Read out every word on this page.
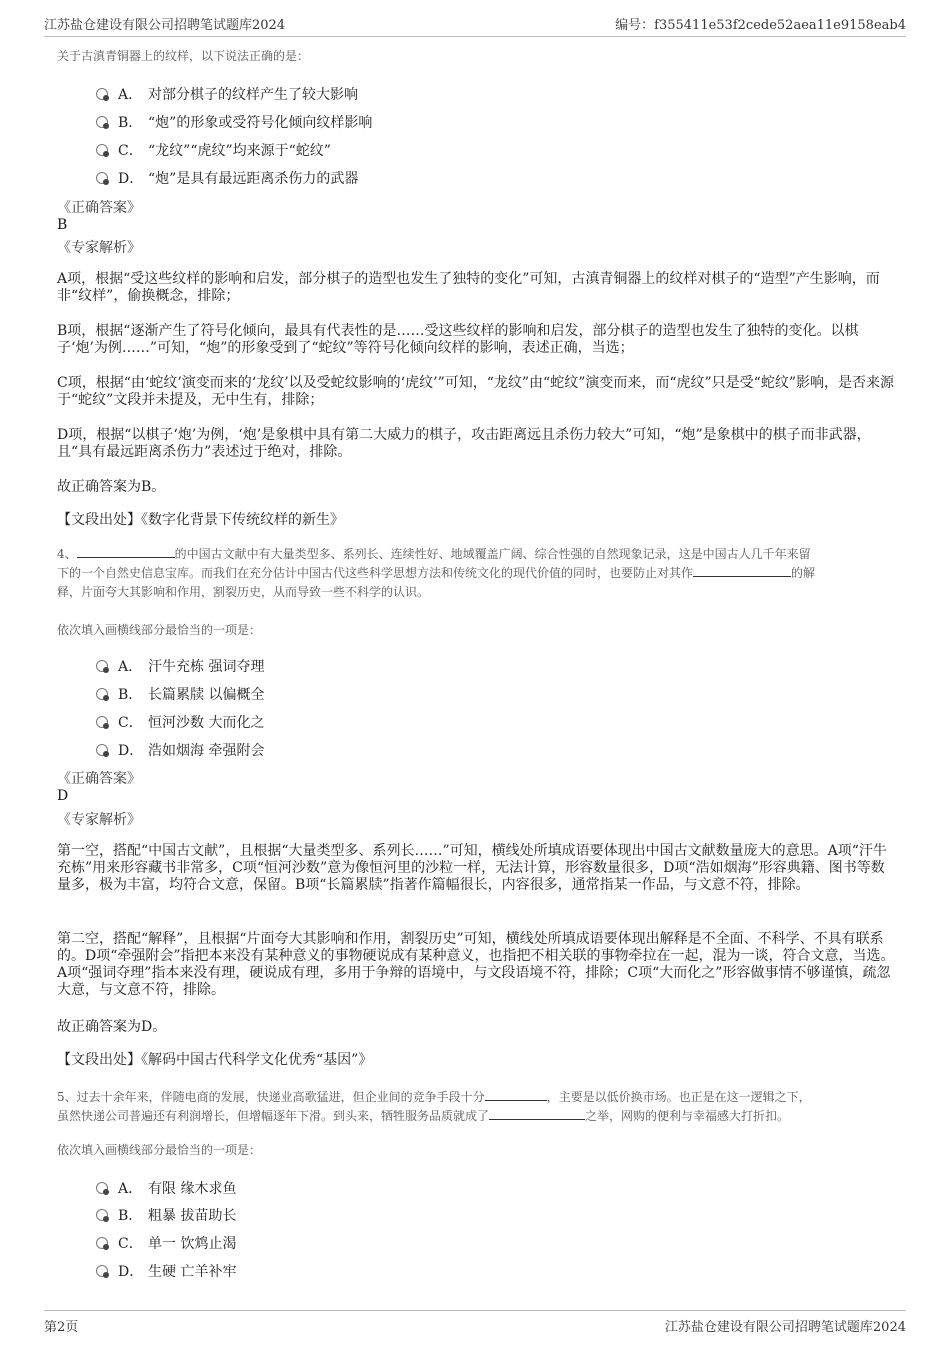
江苏盐仓建设有限公司招聘笔试题库2024	编号：f355411e53f2cede52aea11e9158eab4
关于古滇青铜器上的纹样，以下说法正确的是：
A． 对部分棋子的纹样产生了较大影响
B． “炮”的形象或受符号化倾向纹样影响
C． “龙纹”“虎纹”均来源于“蛇纹”
D． “炮”是具有最远距离杀伤力的武器
《正确答案》
B
《专家解析》
A项，根据“受这些纹样的影响和启发，部分棋子的造型也发生了独特的变化”可知，古滇青铜器上的纹样对棋子的“造型”产生影响，而非“纹样”，偷换概念，排除；
B项，根据“逐渐产生了符号化倾向，最具有代表性的是……受这些纹样的影响和启发，部分棋子的造型也发生了独特的变化。以棋子‘炮’为例……”可知，“炮”的形象受到了“蛇纹”等符号化倾向纹样的影响，表述正确，当选；
C项，根据“由‘蛇纹’演变而来的‘龙纹’以及受蛇纹影响的‘虎纹’”可知，“龙纹”由“蛇纹”演变而来，而“虎纹”只是受“蛇纹”影响，是否来源于“蛇纹”文段并未提及，无中生有，排除；
D项，根据“以棋子‘炮’为例，‘炮’是象棋中具有第二大威力的棋子，攻击距离远且杀伤力较大”可知，“炮”是象棋中的棋子而非武器，且“具有最远距离杀伤力”表述过于绝对，排除。
故正确答案为B。
【文段出处】《数字化背景下传统纹样的新生》
4、	的中国古文献中有大量类型多、系列长、连续性好、地域覆盖广阔、综合性强的自然现象记录，这是中国古人几千年来留
下的一个自然史信息宝库。而我们在充分估计中国古代这些科学思想方法和传统文化的现代价值的同时，也要防止对其作	的解
释，片面夸大其影响和作用，割裂历史，从而导致一些不科学的认识。
依次填入画横线部分最恰当的一项是：
A． 汗牛充栋 强词夺理
B． 长篇累牍 以偏概全
C． 恒河沙数 大而化之
D． 浩如烟海 牵强附会
《正确答案》
D
《专家解析》
第一空，搭配“中国古文献”，且根据“大量类型多、系列长……”可知，横线处所填成语要体现出中国古文献数量庞大的意思。A项“汗牛充栋”用来形容藏书非常多，C项“恒河沙数”意为像恒河里的沙粒一样，无法计算，形容数量很多，D项“浩如烟海”形容典籍、图书等数量多，极为丰富，均符合文意，保留。B项“长篇累牍”指著作篇幅很长，内容很多，通常指某一作品，与文意不符，排除。
第二空，搭配“解释”，且根据“片面夸大其影响和作用，割裂历史”可知，横线处所填成语要体现出解释是不全面、不科学、不具有联系的。D项“牵强附会”指把本来没有某种意义的事物硬说成有某种意义，也指把不相关联的事物牵拉在一起，混为一谈，符合文意，当选。A项“强词夺理”指本来没有理，硬说成有理，多用于争辩的语境中，与文段语境不符，排除；C项“大而化之”形容做事情不够谨慎，疏忽大意，与文意不符，排除。
故正确答案为D。
【文段出处】《解码中国古代科学文化优秀“基因”》
5、过去十余年来，伴随电商的发展，快递业高歌猛进，但企业间的竞争手段十分	，主要是以低价换市场。也正是在这一逻辑之下，
虽然快递公司普遍还有利润增长，但增幅逐年下滑。到头来，牺牲服务品质就成了	之举，网购的便利与幸福感大打折扣。
依次填入画横线部分最恰当的一项是：
A． 有限 缘木求鱼
B． 粗暴 拔苗助长
C． 单一 饮鸩止渴
D． 生硬 亡羊补牢
第2页	江苏盐仓建设有限公司招聘笔试题库2024
